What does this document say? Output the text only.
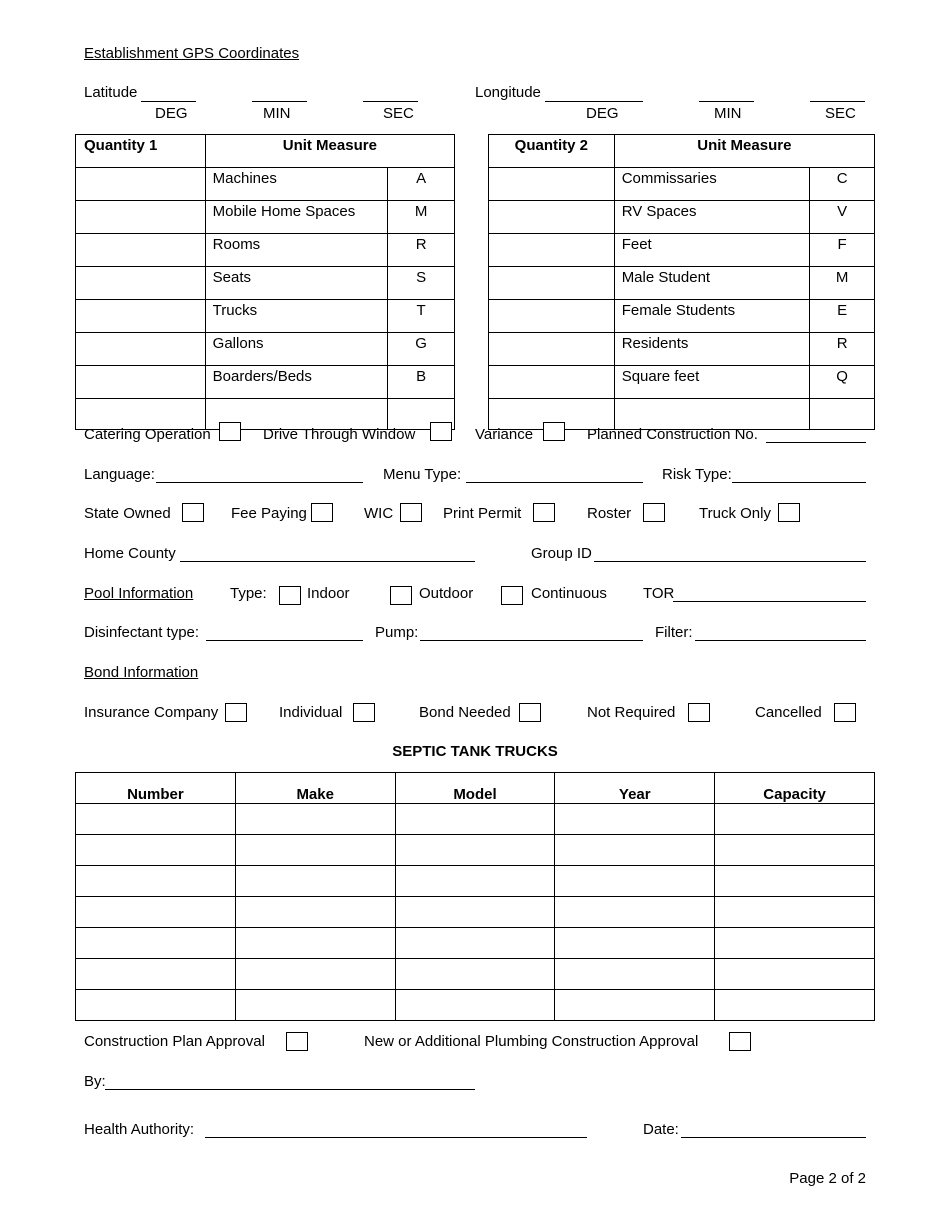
Establishment GPS Coordinates
Latitude
DEG	MIN	SEC
Longitude
DEG	MIN	SEC
Quantity 1	Unit Measure	
	Machines	A
	Mobile Home Spaces	M
	Rooms	R
	Seats	S
	Trucks	T
	Gallons	G
	Boarders/Beds	B

Quantity 2	Unit Measure	
	Commissaries	C
	RV Spaces	V
	Feet	F
	Male Student	M
	Female Students	E
	Residents	R
	Square feet	Q

Catering Operation	Drive Through Window	Variance	Planned Construction No.
Language:	Menu Type:	Risk Type:
State Owned	Fee Paying	WIC	Print Permit	Roster	Truck Only
Home County	Group ID
Pool Information Type:	Indoor	Outdoor	Continuous TOR
Disinfectant type:	Pump:	Filter:
Bond Information
Insurance Company	Individual	Bond Needed	Not Required	Cancelled
SEPTIC TANK TRUCKS
Number	Make	Model	Year	Capacity

Construction Plan Approval	New or Additional Plumbing Construction Approval
By:
Health Authority:	Date:
Page 2 of 2
